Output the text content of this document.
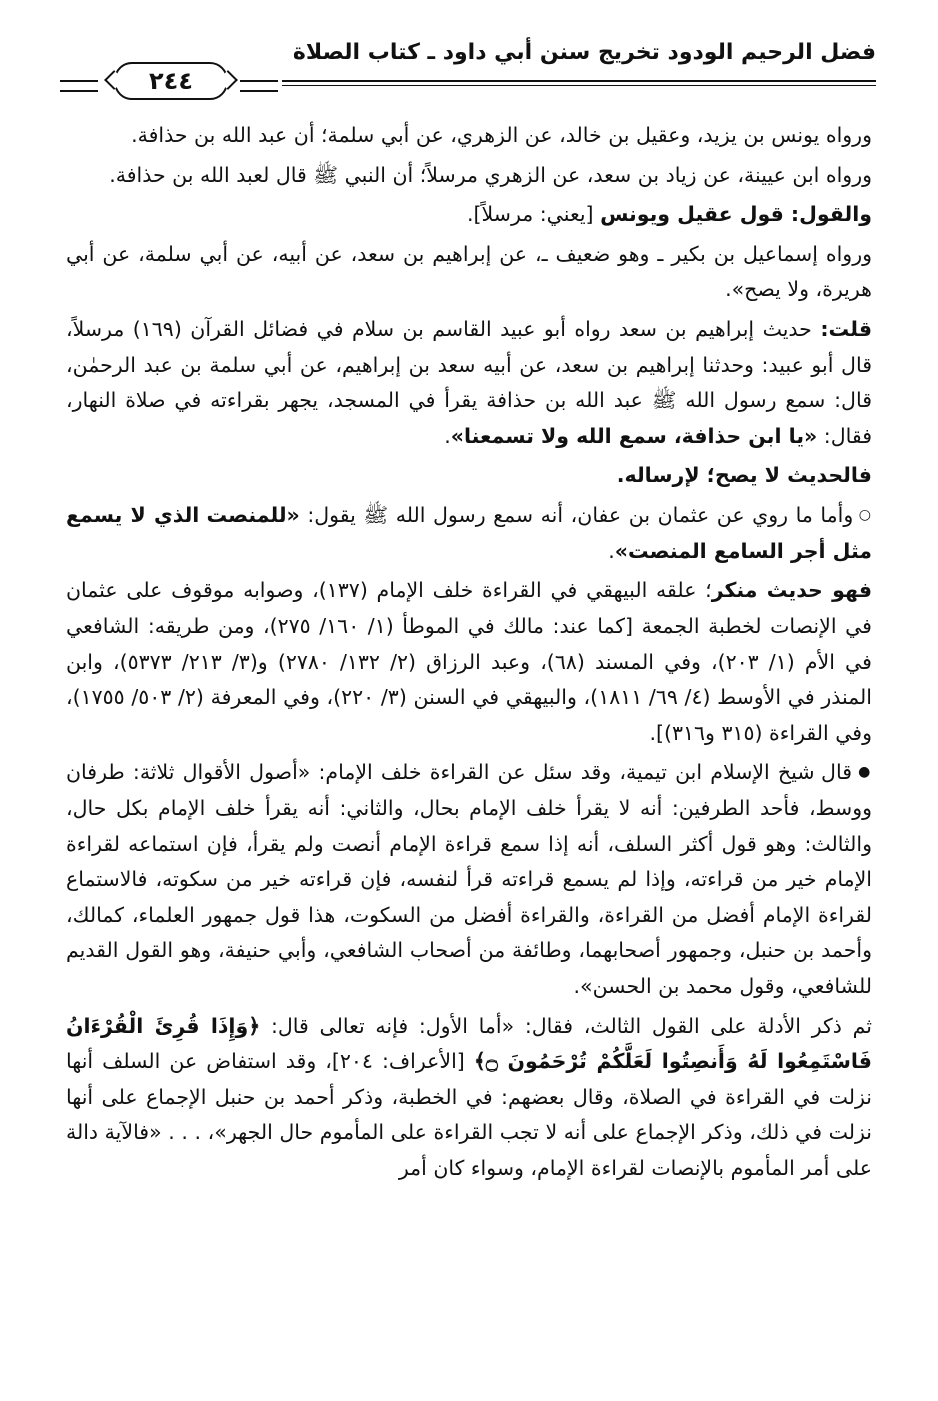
فضل الرحيم الودود تخريج سنن أبي داود ـ كتاب الصلاة
٢٤٤

ورواه يونس بن يزيد، وعقيل بن خالد، عن الزهري، عن أبي سلمة؛ أن عبد الله بن حذافة.

ورواه ابن عيينة، عن زياد بن سعد، عن الزهري مرسلاً؛ أن النبي ﷺ قال لعبد الله بن حذافة.

والقول: قول عقيل ويونس [يعني: مرسلاً].

ورواه إسماعيل بن بكير ـ وهو ضعيف ـ، عن إبراهيم بن سعد، عن أبيه، عن أبي سلمة، عن أبي هريرة، ولا يصح».

قلت: حديث إبراهيم بن سعد رواه أبو عبيد القاسم بن سلام في فضائل القرآن (١٦٩) مرسلاً، قال أبو عبيد: وحدثنا إبراهيم بن سعد، عن أبيه سعد بن إبراهيم، عن أبي سلمة بن عبد الرحمٰن، قال: سمع رسول الله ﷺ عبد الله بن حذافة يقرأ في المسجد، يجهر بقراءته في صلاة النهار، فقال: «يا ابن حذافة، سمع الله ولا تسمعنا».

فالحديث لا يصح؛ لإرساله.

○ وأما ما روي عن عثمان بن عفان، أنه سمع رسول الله ﷺ يقول: «للمنصت الذي لا يسمع مثل أجر السامع المنصت».

فهو حديث منكر؛ علقه البيهقي في القراءة خلف الإمام (١٣٧)، وصوابه موقوف على عثمان في الإنصات لخطبة الجمعة [كما عند: مالك في الموطأ (١/ ١٦٠/ ٢٧٥)، ومن طريقه: الشافعي في الأم (١/ ٢٠٣)، وفي المسند (٦٨)، وعبد الرزاق (٢/ ١٣٢/ ٢٧٨٠) و(٣/ ٢١٣/ ٥٣٧٣)، وابن المنذر في الأوسط (٤/ ٦٩/ ١٨١١)، والبيهقي في السنن (٣/ ٢٢٠)، وفي المعرفة (٢/ ٥٠٣/ ١٧٥٥)، وفي القراءة (٣١٥ و٣١٦)].

● قال شيخ الإسلام ابن تيمية، وقد سئل عن القراءة خلف الإمام: «أصول الأقوال ثلاثة: طرفان ووسط، فأحد الطرفين: أنه لا يقرأ خلف الإمام بحال، والثاني: أنه يقرأ خلف الإمام بكل حال، والثالث: وهو قول أكثر السلف، أنه إذا سمع قراءة الإمام أنصت ولم يقرأ، فإن استماعه لقراءة الإمام خير من قراءته، وإذا لم يسمع قراءته قرأ لنفسه، فإن قراءته خير من سكوته، فالاستماع لقراءة الإمام أفضل من القراءة، والقراءة أفضل من السكوت، هذا قول جمهور العلماء، كمالك، وأحمد بن حنبل، وجمهور أصحابهما، وطائفة من أصحاب الشافعي، وأبي حنيفة، وهو القول القديم للشافعي، وقول محمد بن الحسن».

ثم ذكر الأدلة على القول الثالث، فقال: «أما الأول: فإنه تعالى قال: ﴿وَإِذَا قُرِئَ الْقُرْءَانُ فَاسْتَمِعُوا لَهُ وَأَنصِتُوا لَعَلَّكُمْ تُرْحَمُونَ ۝﴾ [الأعراف: ٢٠٤]، وقد استفاض عن السلف أنها نزلت في القراءة في الصلاة، وقال بعضهم: في الخطبة، وذكر أحمد بن حنبل الإجماع على أنها نزلت في ذلك، وذكر الإجماع على أنه لا تجب القراءة على المأموم حال الجهر»، . . . «فالآية دالة على أمر المأموم بالإنصات لقراءة الإمام، وسواء كان أمر
